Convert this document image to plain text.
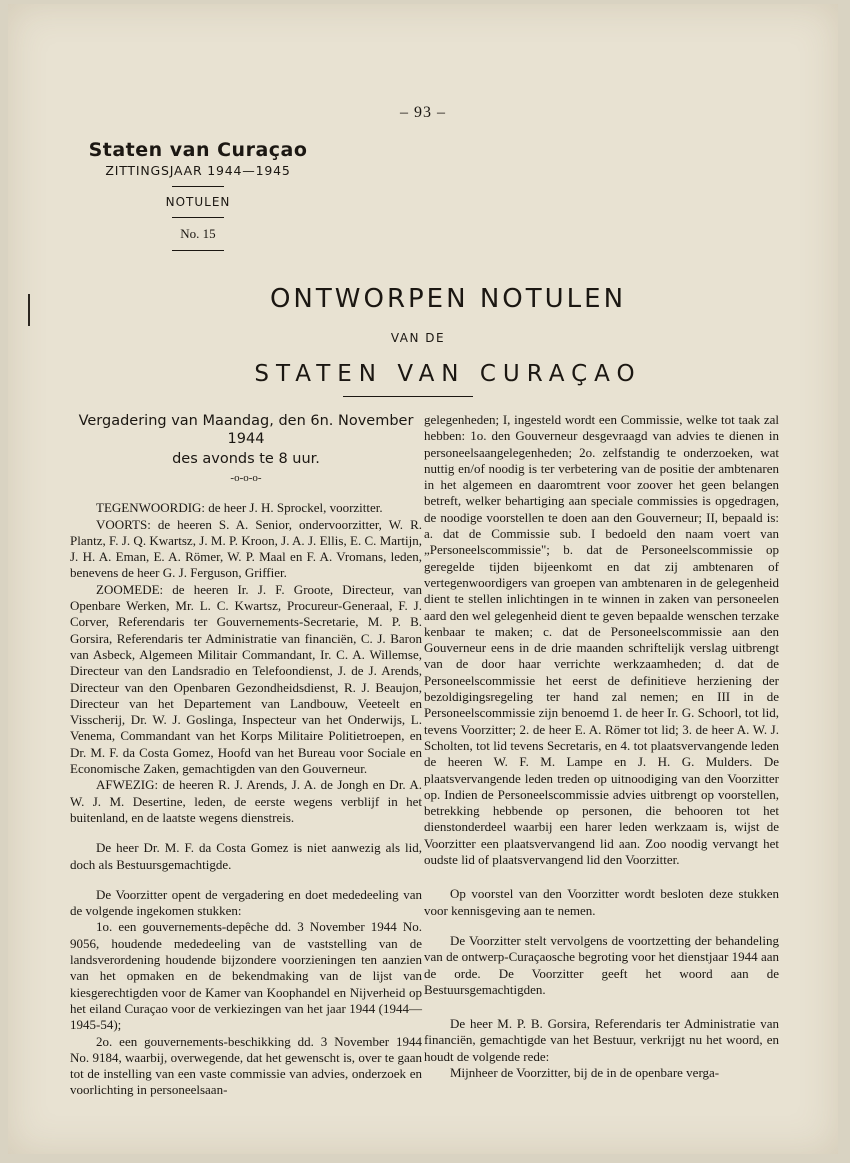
– 93 –
Staten van Curaçao
ZITTINGSJAAR 1944—1945
NOTULEN
No. 15
ONTWORPEN NOTULEN
VAN DE
STATEN VAN CURAÇAO
Vergadering van Maandag, den 6n. November 1944
des avonds te 8 uur.
-o-o-o-

TEGENWOORDIG: de heer J. H. Sprockel, voorzitter.

VOORTS: de heeren S. A. Senior, ondervoorzitter, W. R. Plantz, F. J. Q. Kwartsz, J. M. P. Kroon, J. A. J. Ellis, E. C. Martijn, J. H. A. Eman, E. A. Römer, W. P. Maal en F. A. Vromans, leden, benevens de heer G. J. Ferguson, Griffier.

ZOOMEDE: de heeren Ir. J. F. Groote, Directeur, van Openbare Werken, Mr. L. C. Kwartsz, Procureur-Generaal, F. J. Corver, Referendaris ter Gouvernements-Secretarie, M. P. B. Gorsira, Referendaris ter Administratie van financiën, C. J. Baron van Asbeck, Algemeen Militair Commandant, Ir. C. A. Willemse, Directeur van den Landsradio en Telefoondienst, J. de J. Arends, Directeur van den Openbaren Gezondheidsdienst, R. J. Beaujon, Directeur van het Departement van Landbouw, Veeteelt en Visscherij, Dr. W. J. Goslinga, Inspecteur van het Onderwijs, L. Venema, Commandant van het Korps Militaire Politietroepen, en Dr. M. F. da Costa Gomez, Hoofd van het Bureau voor Sociale en Economische Zaken, gemachtigden van den Gouverneur.

AFWEZIG: de heeren R. J. Arends, J. A. de Jongh en Dr. A. W. J. M. Desertine, leden, de eerste wegens verblijf in het buitenland, en de laatste wegens dienstreis.

De heer Dr. M. F. da Costa Gomez is niet aanwezig als lid, doch als Bestuursgemachtigde.

De Voorzitter opent de vergadering en doet mededeeling van de volgende ingekomen stukken:

1o. een gouvernements-depêche dd. 3 November 1944 No. 9056, houdende mededeeling van de vaststelling van de landsverordening houdende bijzondere voorzieningen ten aanzien van het opmaken en de bekendmaking van de lijst van kiesgerechtigden voor de Kamer van Koophandel en Nijverheid op het eiland Curaçao voor de verkiezingen van het jaar 1944 (1944—1945-54);

2o. een gouvernements-beschikking dd. 3 November 1944 No. 9184, waarbij, overwegende, dat het gewenscht is, over te gaan tot de instelling van een vaste commissie van advies, onderzoek en voorlichting in personeelsaan-

gelegenheden; I, ingesteld wordt een Commissie, welke tot taak zal hebben: 1o. den Gouverneur desgevraagd van advies te dienen in personeelsaangelegenheden; 2o. zelfstandig te onderzoeken, wat nuttig en/of noodig is ter verbetering van de positie der ambtenaren in het algemeen en daaromtrent voor zoover het geen belangen betreft, welker behartiging aan speciale commissies is opgedragen, de noodige voorstellen te doen aan den Gouverneur; II, bepaald is: a. dat de Commissie sub. I bedoeld den naam voert van „Personeelscommissie"; b. dat de Personeelscommissie op geregelde tijden bijeenkomt en dat zij ambtenaren of vertegenwoordigers van groepen van ambtenaren in de gelegenheid dient te stellen inlichtingen in te winnen in zaken van personeelen aard den wel gelegenheid dient te geven bepaalde wenschen terzake kenbaar te maken; c. dat de Personeelscommissie aan den Gouverneur eens in de drie maanden schriftelijk verslag uitbrengt van de door haar verrichte werkzaamheden; d. dat de Personeelscommissie het eerst de definitieve herziening der bezoldigingsregeling ter hand zal nemen; en III in de Personeelscommissie zijn benoemd 1. de heer Ir. G. Schoorl, tot lid, tevens Voorzitter; 2. de heer E. A. Römer tot lid; 3. de heer A. W. J. Scholten, tot lid tevens Secretaris, en 4. tot plaatsvervangende leden de heeren W. F. M. Lampe en J. H. G. Mulders. De plaatsvervangende leden treden op uitnoodiging van den Voorzitter op. Indien de Personeelscommissie advies uitbrengt op voorstellen, betrekking hebbende op personen, die behooren tot het dienstonderdeel waarbij een harer leden werkzaam is, wijst de Voorzitter een plaatsvervangend lid aan. Zoo noodig vervangt het oudste lid of plaatsvervangend lid den Voorzitter.

Op voorstel van den Voorzitter wordt besloten deze stukken voor kennisgeving aan te nemen.

De Voorzitter stelt vervolgens de voortzetting der behandeling van de ontwerp-Curaçaosche begroting voor het dienstjaar 1944 aan de orde. De Voorzitter geeft het woord aan de Bestuursgemachtigden.

De heer M. P. B. Gorsira, Referendaris ter Administratie van financiën, gemachtigde van het Bestuur, verkrijgt nu het woord, en houdt de volgende rede:

Mijnheer de Voorzitter, bij de in de openbare verga-
